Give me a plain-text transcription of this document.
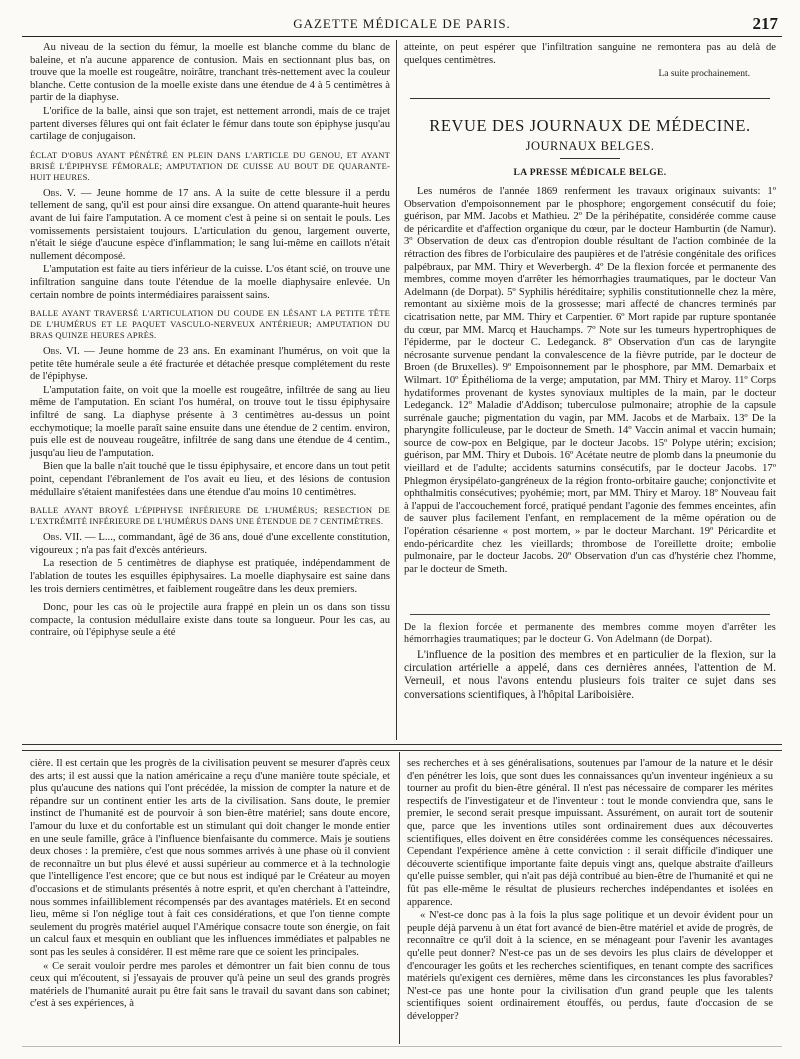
GAZETTE MÉDICALE DE PARIS.	217

Au niveau de la section du fémur, la moelle est blanche comme du blanc de baleine, et n'a aucune apparence de contusion. Mais en sectionnant plus bas, on trouve que la moelle est rougeâtre, noirâtre, tranchant très-nettement avec la couleur blanche. Cette contusion de la moelle existe dans une étendue de 4 à 5 centimètres à partir de la diaphyse.

L'orifice de la balle, ainsi que son trajet, est nettement arrondi, mais de ce trajet partent diverses fêlures qui ont fait éclater le fémur dans toute son épiphyse jusqu'au cartilage de conjugaison.

ÉCLAT D'OBUS AYANT PÉNÉTRÉ EN PLEIN DANS L'ARTICLE DU GENOU, ET AYANT BRISÉ L'ÉPIPHYSE FÉMORALE; AMPUTATION DE CUISSE AU BOUT DE QUARANTE-HUIT HEURES.

Obs. V. — Jeune homme de 17 ans. A la suite de cette blessure il a perdu tellement de sang, qu'il est pour ainsi dire exsangue. On attend quarante-huit heures avant de lui faire l'amputation. A ce moment c'est à peine si on sentait le pouls. Les vomissements persistaient toujours. L'articulation du genou, largement ouverte, n'était le siége d'aucune espèce d'inflammation; le sang lui-même en caillots n'était nullement décomposé.

L'amputation est faite au tiers inférieur de la cuisse. L'os étant scié, on trouve une infiltration sanguine dans toute l'étendue de la moelle diaphysaire enlevée. Un certain nombre de points intermédiaires paraissent sains.

BALLE AYANT TRAVERSÉ L'ARTICULATION DU COUDE EN LÉSANT LA PETITE TÊTE DE L'HUMÉRUS ET LE PAQUET VASCULO-NERVEUX ANTÉRIEUR; AMPUTATION DU BRAS QUINZE HEURES APRÈS.

Obs. VI. — Jeune homme de 23 ans. En examinant l'humérus, on voit que la petite tête humérale seule a été fracturée et détachée presque complétement du reste de l'épiphyse.

L'amputation faite, on voit que la moelle est rougeâtre, infiltrée de sang au lieu même de l'amputation. En sciant l'os huméral, on trouve tout le tissu épiphysaire infiltré de sang. La diaphyse présente à 3 centimètres au-dessus un point ecchymotique; la moelle paraît saine ensuite dans une étendue de 2 centim. environ, puis elle est de nouveau rougeâtre, infiltrée de sang dans une étendue de 4 centim., jusqu'au lieu de l'amputation.

Bien que la balle n'ait touché que le tissu épiphysaire, et encore dans un tout petit point, cependant l'ébranlement de l'os avait eu lieu, et des lésions de contusion médullaire s'étaient manifestées dans une étendue d'au moins 10 centimètres.

BALLE AYANT BROYÉ L'ÉPIPHYSE INFÉRIEURE DE L'HUMÉRUS; RESECTION DE L'EXTRÉMITÉ INFÉRIEURE DE L'HUMÉRUS DANS UNE ÉTENDUE DE 7 CENTIMÈTRES.

Obs. VII. — L..., commandant, âgé de 36 ans, doué d'une excellente constitution, vigoureux ; n'a pas fait d'excès antérieurs.

La resection de 5 centimètres de diaphyse est pratiquée, indépendamment de l'ablation de toutes les esquilles épiphysaires. La moelle diaphysaire est saine dans les trois derniers centimètres, et faiblement rougeâtre dans les deux premiers.

Donc, pour les cas où le projectile aura frappé en plein un os dans son tissu compacte, la contusion médullaire existe dans toute sa longueur. Pour les cas, au contraire, où l'épiphyse seule a été

atteinte, on peut espérer que l'infiltration sanguine ne remontera pas au delà de quelques centimètres.

La suite prochainement.

REVUE DES JOURNAUX DE MÉDECINE.
JOURNAUX BELGES.
LA PRESSE MÉDICALE BELGE.

Les numéros de l'année 1869 renferment les travaux originaux suivants: 1º Observation d'empoisonnement par le phosphore; engorgement consécutif du foie; guérison, par MM. Jacobs et Mathieu. 2º De la périhépatite, considérée comme cause de péricardite et d'affection organique du cœur, par le docteur Hamburtin (de Namur). 3º Observation de deux cas d'entropion double résultant de l'action combinée de la rétraction des fibres de l'orbiculaire des paupières et de l'atrésie congénitale des orifices palpébraux, par MM. Thiry et Weverbergh. 4º De la flexion forcée et permanente des membres, comme moyen d'arrêter les hémorrhagies traumatiques, par le docteur Van Adelmann (de Dorpat). 5º Syphilis héréditaire; syphilis constitutionnelle chez la mère, remontant au sixième mois de la grossesse; mari affecté de chancres terminés par cicatrisation nette, par MM. Thiry et Carpentier. 6º Mort rapide par rupture spontanée du cœur, par MM. Marcq et Hauchamps. 7º Note sur les tumeurs hypertrophiques de l'épiderme, par le docteur C. Ledeganck. 8º Observation d'un cas de laryngite nécrosante survenue pendant la convalescence de la fièvre putride, par le docteur de Broen (de Bruxelles). 9º Empoisonnement par le phosphore, par MM. Demarbaix et Wilmart. 10º Épithélioma de la verge; amputation, par MM. Thiry et Maroy. 11º Corps hydatiformes provenant de kystes synoviaux multiples de la main, par le docteur Ledeganck. 12º Maladie d'Addison; tuberculose pulmonaire; atrophie de la capsule surrénale gauche; pigmentation du vagin, par MM. Jacobs et de Marbaix. 13º De la pharyngite folliculeuse, par le docteur de Smeth. 14º Vaccin animal et vaccin humain; source de cow-pox en Belgique, par le docteur Jacobs. 15º Polype utérin; excision; guérison, par MM. Thiry et Dubois. 16º Acétate neutre de plomb dans la pneumonie du vieillard et de l'adulte; accidents saturnins consécutifs, par le docteur Jacobs. 17º Phlegmon érysipélato-gangréneux de la région fronto-orbitaire gauche; conjonctivite et ophthalmitis consécutives; pyohémie; mort, par MM. Thiry et Maroy. 18º Nouveau fait à l'appui de l'accouchement forcé, pratiqué pendant l'agonie des femmes enceintes, afin de sauver plus facilement l'enfant, en remplacement de la même opération ou de l'opération césarienne « post mortem, » par le docteur Marchant. 19º Péricardite et endo-péricardite chez les vieillards; thrombose de l'oreillette droite; embolie pulmonaire, par le docteur Jacobs. 20º Observation d'un cas d'hystérie chez l'homme, par le docteur de Smeth.

De la flexion forcée et permanente des membres comme moyen d'arrêter les hémorrhagies traumatiques; par le docteur G. Von Adelmann (de Dorpat).

L'influence de la position des membres et en particulier de la flexion, sur la circulation artérielle a appelé, dans ces dernières années, l'attention de M. Verneuil, et nous l'avons entendu plusieurs fois traiter ce sujet dans ses conversations scientifiques, à l'hôpital Lariboisière.

cière. Il est certain que les progrès de la civilisation peuvent se mesurer d'après ceux des arts; il est aussi que la nation américaine a reçu d'une manière toute spéciale, et plus qu'aucune des nations qui l'ont précédée, la mission de compter la nature et de répandre sur un continent entier les arts de la civilisation. Sans doute, le premier instinct de l'humanité est de pourvoir à son bien-être matériel; sans doute encore, l'amour du luxe et du confortable est un stimulant qui doit changer le monde entier en une seule famille, grâce à l'influence bienfaisante du commerce. Mais je soutiens deux choses : la première, c'est que nous sommes arrivés à une phase où il convient de reconnaître un but plus élevé et aussi supérieur au commerce et à la technologie que l'intelligence l'est encore; que ce but nous est indiqué par le Créateur au moyen d'occasions et de stimulants présentés à notre esprit, et qu'en cherchant à l'atteindre, nous sommes infailliblement récompensés par des avantages matériels. Et en second lieu, même si l'on néglige tout à fait ces considérations, et que l'on tienne compte seulement du progrès matériel auquel l'Amérique consacre toute son énergie, on fait un calcul faux et mesquin en oubliant que les influences immédiates et palpables ne sont pas les seules à considérer. Il est même rare que ce soient les principales.

« Ce serait vouloir perdre mes paroles et démontrer un fait bien connu de tous ceux qui m'écoutent, si j'essayais de prouver qu'à peine un seul des grands progrès matériels de l'humanité aurait pu être fait sans le travail du savant dans son cabinet; c'est à ses expériences, à

ses recherches et à ses généralisations, soutenues par l'amour de la nature et le désir d'en pénétrer les lois, que sont dues les connaissances qu'un inventeur ingénieux a su tourner au profit du bien-être général. Il n'est pas nécessaire de comparer les mérites respectifs de l'investigateur et de l'inventeur : tout le monde conviendra que, sans le premier, le second serait presque impuissant. Assurément, on aurait tort de soutenir que, parce que les inventions utiles sont ordinairement dues aux découvertes scientifiques, elles doivent en être considérées comme les conséquences nécessaires. Cependant l'expérience amène à cette conviction : il serait difficile d'indiquer une découverte scientifique importante faite depuis vingt ans, quelque abstraite d'ailleurs qu'elle puisse sembler, qui n'ait pas déjà contribué au bien-être de l'humanité et qui ne fût pas elle-même le résultat de plusieurs recherches indépendantes et isolées en apparence.

« N'est-ce donc pas à la fois la plus sage politique et un devoir évident pour un peuple déjà parvenu à un état fort avancé de bien-être matériel et avide de progrès, de reconnaître ce qu'il doit à la science, en se ménageant pour l'avenir les avantages qu'elle peut donner? N'est-ce pas un de ses devoirs les plus clairs de développer et d'encourager les goûts et les recherches scientifiques, en tenant compte des sacrifices matériels qu'exigent ces dernières, même dans les circonstances les plus favorables? N'est-ce pas une honte pour la civilisation d'un grand peuple que les talents scientifiques soient ordinairement étouffés, ou perdus, faute d'occasion de se développer?
